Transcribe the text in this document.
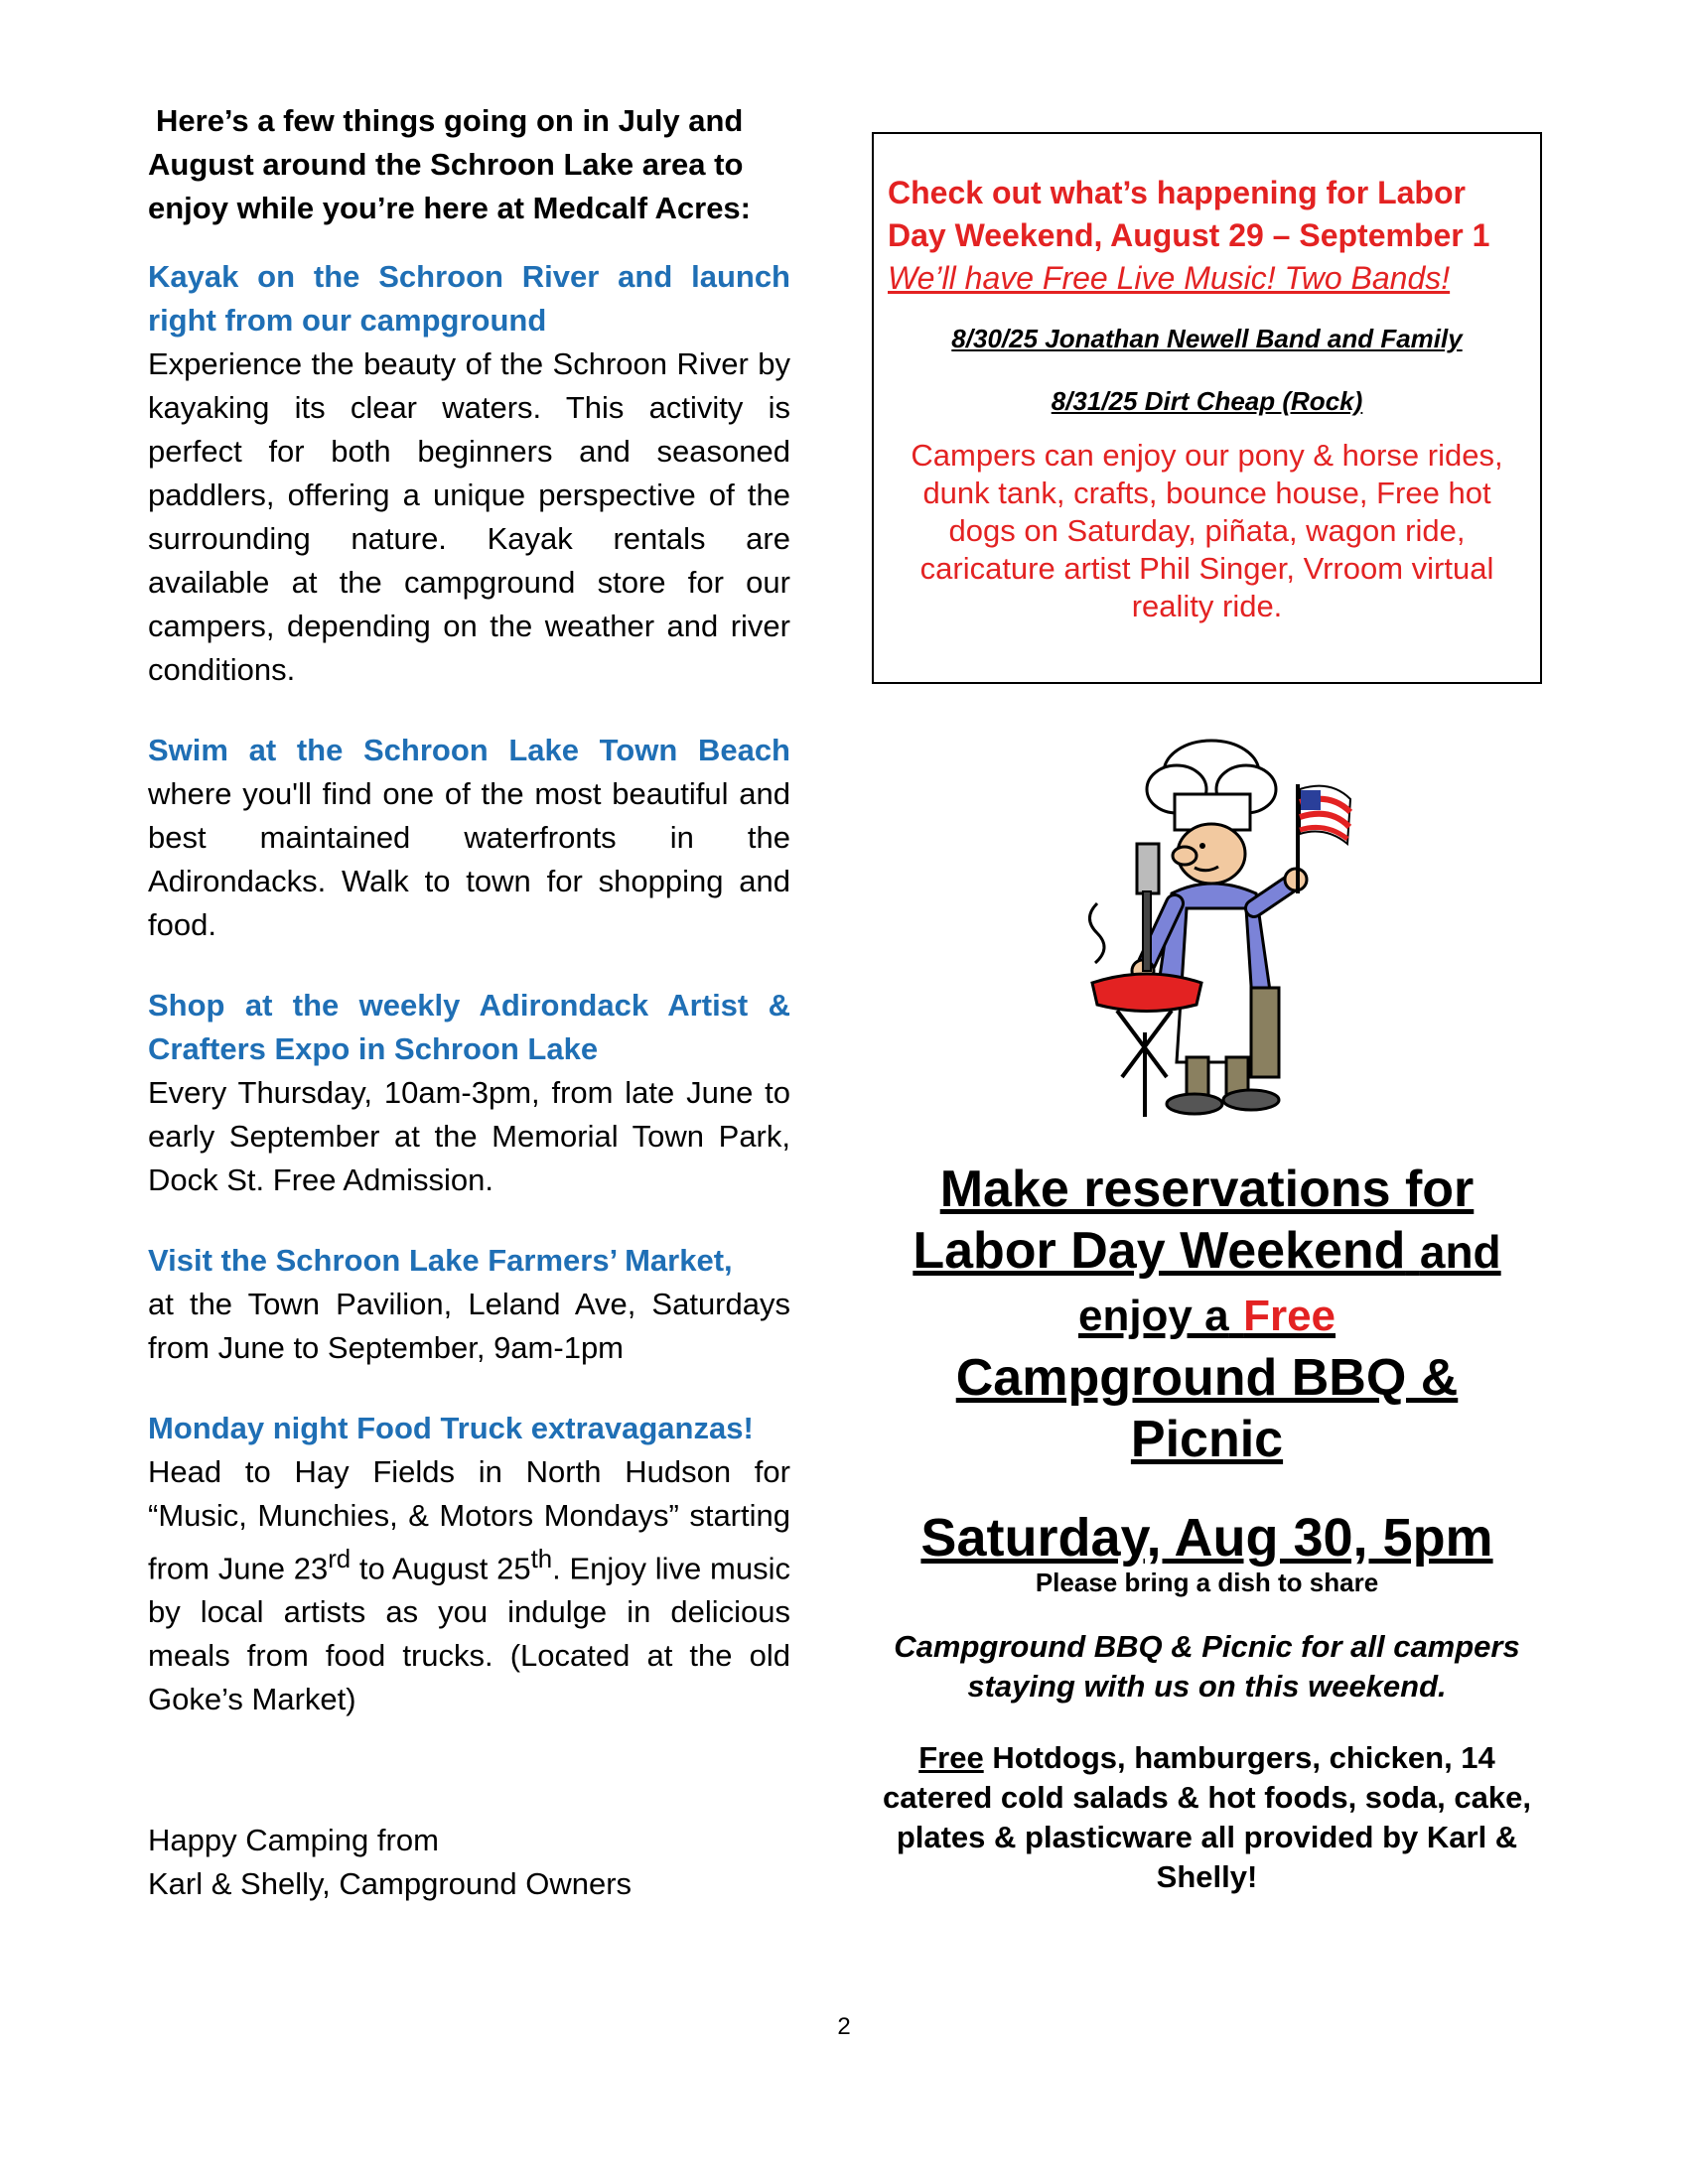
Here’s a few things going on in July and August around the Schroon Lake area to enjoy while you’re here at Medcalf Acres:

Kayak on the Schroon River and launch right from our campground

Experience the beauty of the Schroon River by kayaking its clear waters. This activity is perfect for both beginners and seasoned paddlers, offering a unique perspective of the surrounding nature. Kayak rentals are available at the campground store for our campers, depending on the weather and river conditions.

Swim at the Schroon Lake Town Beach where you'll find one of the most beautiful and best maintained waterfronts in the Adirondacks. Walk to town for shopping and food.

Shop at the weekly Adirondack Artist & Crafters Expo in Schroon Lake

Every Thursday, 10am-3pm, from late June to early September at the Memorial Town Park, Dock St. Free Admission.

Visit the Schroon Lake Farmers’ Market,

at the Town Pavilion, Leland Ave, Saturdays from June to September, 9am-1pm

Monday night Food Truck extravaganzas!

Head to Hay Fields in North Hudson for “Music, Munchies, & Motors Mondays” starting from June 23rd to August 25th. Enjoy live music by local artists as you indulge in delicious meals from food trucks. (Located at the old Goke’s Market)

Happy Camping from

Karl & Shelly, Campground Owners

Check out what’s happening for Labor

Day Weekend, August 29 – September 1

We’ll have Free Live Music! Two Bands!

8/30/25 Jonathan Newell Band and Family

8/31/25 Dirt Cheap (Rock)

Campers can enjoy our pony & horse rides, dunk tank, crafts, bounce house, Free hot dogs on Saturday, piñata, wagon ride, caricature artist Phil Singer, Vrroom virtual reality ride.

Make reservations for

Labor Day Weekend and

enjoy a Free

Campground BBQ &

Picnic

Saturday, Aug 30, 5pm

Please bring a dish to share

Campground BBQ & Picnic for all campers staying with us on this weekend.

Free Hotdogs, hamburgers, chicken, 14 catered cold salads & hot foods, soda, cake, plates & plasticware all provided by Karl & Shelly!

2
